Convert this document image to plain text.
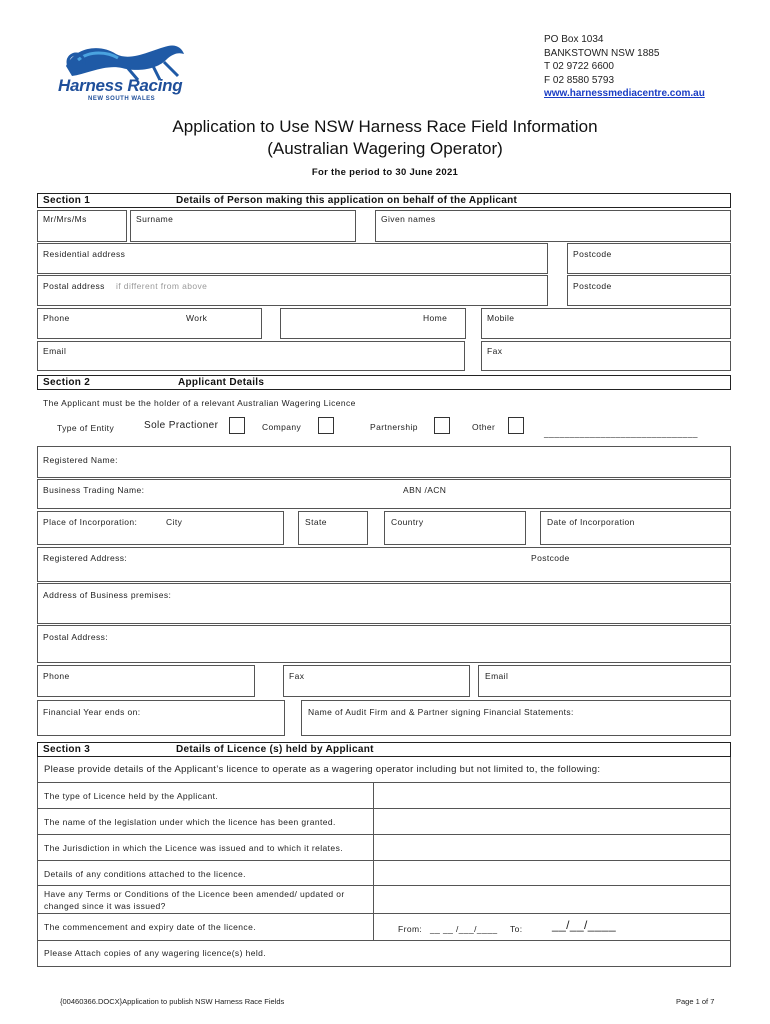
Harness Racing
NEW SOUTH WALES
PO Box 1034
BANKSTOWN NSW 1885
T 02 9722 6600
F 02 8580 5793
www.harnessmediacentre.com.au
Application to Use NSW Harness Race Field Information
(Australian Wagering Operator)
For the period to 30 June 2021
Section 1	Details of Person making this application on behalf of the Applicant
Mr/Mrs/Ms	Surname	Given names
Residential address	Postcode
Postal address if different from above	Postcode
Phone	Work	Home	Mobile
Email	Fax
Section 2	Applicant Details
The Applicant must be the holder of a relevant Australian Wagering Licence
Type of Entity	Sole Practioner	Company	Partnership	Other
______________________________
Registered Name:
Business Trading Name:	ABN /ACN
Place of Incorporation:	City	State	Country	Date of Incorporation
Registered Address:	Postcode
Address of Business premises:
Postal Address:
Phone	Fax	Email
Financial Year ends on:	Name of Audit Firm and & Partner signing Financial Statements:
Section 3	Details of Licence (s) held by Applicant
Please provide details of the Applicant’s licence to operate as a wagering operator including but not limited to, the following:
The type of Licence held by the Applicant.
The name of the legislation under which the licence has been granted.
The Jurisdiction in which the Licence was issued and to which it relates.
Details of any conditions attached to the licence.
Have any Terms or Conditions of the Licence been amended/ updated or changed since it was issued?
The commencement and expiry date of the licence.	From: __ __ /___/____ To: __/__/____
Please Attach copies of any wagering licence(s) held.
{00460366.DOCX}Application to publish NSW Harness Race Fields	Page 1 of 7
